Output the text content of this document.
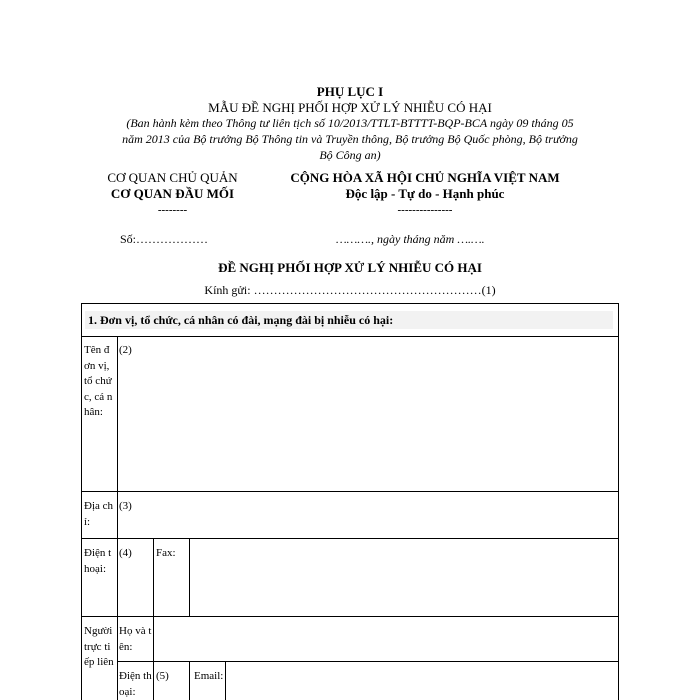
PHỤ LỤC I
MẪU ĐỀ NGHỊ PHỐI HỢP XỬ LÝ NHIỄU CÓ HẠI
(Ban hành kèm theo Thông tư liên tịch số 10/2013/TTLT-BTTTT-BQP-BCA ngày 09 tháng 05
năm 2013 của Bộ trưởng Bộ Thông tin và Truyền thông, Bộ trưởng Bộ Quốc phòng, Bộ trưởng
Bộ Công an)
CƠ QUAN CHỦ QUẢN
CƠ QUAN ĐẦU MỐI
--------
Số:………………
CỘNG HÒA XÃ HỘI CHỦ NGHĨA VIỆT NAM
Độc lập - Tự do - Hạnh phúc
---------------
………., ngày tháng năm ….….
ĐỀ NGHỊ PHỐI HỢP XỬ LÝ NHIỄU CÓ HẠI
Kính gửi: …………………………………………………(1)
1. Đơn vị, tổ chức, cá nhân có đài, mạng đài bị nhiễu có hại:
Tên đơn vị, tổ chức, cá nhân:
(2)
Địa chỉ:
(3)
Điện thoại:
(4) Fax:
Người trực tiếp liên
Họ và tên:
Điện thoại:
(5) Email:
